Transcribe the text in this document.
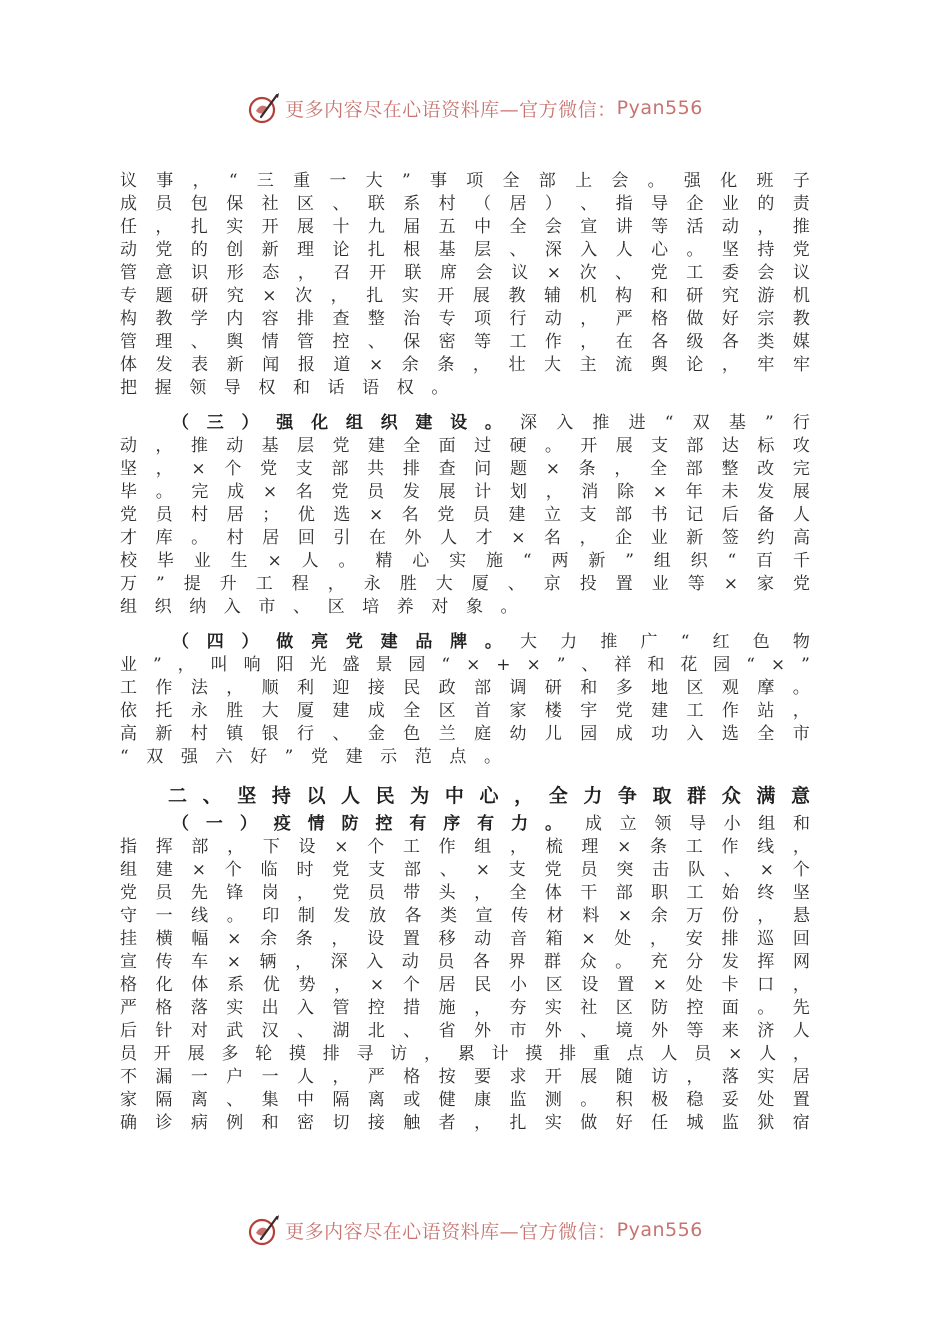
更多内容尽在心语资料库—官方微信： Pyan556
议 事 ， “ 三 重 一 大 ” 事 项 全 部 上 会 。 强 化 班 子
成 员 包 保 社 区 、 联 系 村 （ 居 ） 、 指 导 企 业 的 责
任 ， 扎 实 开 展 十 九 届 五 中 全 会 宣 讲 等 活 动 ， 推
动 党 的 创 新 理 论 扎 根 基 层 、 深 入 人 心 。 坚 持 党
管 意 识 形 态 ， 召 开 联 席 会 议 × 次 、 党 工 委 会 议
专 题 研 究 × 次 ， 扎 实 开 展 教 辅 机 构 和 研 究 游 机
构 教 学 内 容 排 查 整 治 专 项 行 动 ， 严 格 做 好 宗 教
管 理 、 舆 情 管 控 、 保 密 等 工 作 ， 在 各 级 各 类 媒
体 发 表 新 闻 报 道 × 余 条 ， 壮 大 主 流 舆 论 ， 牢 牢
把 握 领 导 权 和 话 语 权 。
（ 三 ） 强 化 组 织 建 设 。 深 入 推 进 “ 双 基 ” 行
动 ， 推 动 基 层 党 建 全 面 过 硬 。 开 展 支 部 达 标 攻
坚 ， × 个 党 支 部 共 排 查 问 题 × 条 ， 全 部 整 改 完
毕 。 完 成 × 名 党 员 发 展 计 划 ， 消 除 × 年 未 发 展
党 员 村 居 ； 优 选 × 名 党 员 建 立 支 部 书 记 后 备 人
才 库 。 村 居 回 引 在 外 人 才 × 名 ， 企 业 新 签 约 高
校 毕 业 生 × 人 。 精 心 实 施 “ 两 新 ” 组 织 “ 百 千
万 ” 提 升 工 程 ， 永 胜 大 厦 、 京 投 置 业 等 × 家 党
组 织 纳 入 市 、 区 培 养 对 象 。
（ 四 ） 做 亮 党 建 品 牌 。 大 力 推 广 “ 红 色 物
业 ” ， 叫 响 阳 光 盛 景 园 “ × + × ” 、 祥 和 花 园 “ × ”
工 作 法 ， 顺 利 迎 接 民 政 部 调 研 和 多 地 区 观 摩 。
依 托 永 胜 大 厦 建 成 全 区 首 家 楼 宇 党 建 工 作 站 ，
高 新 村 镇 银 行 、 金 色 兰 庭 幼 儿 园 成 功 入 选 全 市
“ 双 强 六 好 ” 党 建 示 范 点 。
二 、 坚 持 以 人 民 为 中 心 ， 全 力 争 取 群 众 满 意
（ 一 ） 疫 情 防 控 有 序 有 力 。 成 立 领 导 小 组 和
指 挥 部 ， 下 设 × 个 工 作 组 ， 梳 理 × 条 工 作 线 ，
组 建 × 个 临 时 党 支 部 、 × 支 党 员 突 击 队 、 × 个
党 员 先 锋 岗 ， 党 员 带 头 ， 全 体 干 部 职 工 始 终 坚
守 一 线 。 印 制 发 放 各 类 宣 传 材 料 × 余 万 份 ， 悬
挂 横 幅 × 余 条 ， 设 置 移 动 音 箱 × 处 ， 安 排 巡 回
宣 传 车 × 辆 ， 深 入 动 员 各 界 群 众 。 充 分 发 挥 网
格 化 体 系 优 势 ， × 个 居 民 小 区 设 置 × 处 卡 口 ，
严 格 落 实 出 入 管 控 措 施 ， 夯 实 社 区 防 控 面 。 先
后 针 对 武 汉 、 湖 北 、 省 外 市 外 、 境 外 等 来 济 人
员 开 展 多 轮 摸 排 寻 访 ， 累 计 摸 排 重 点 人 员 × 人 ，
不 漏 一 户 一 人 ， 严 格 按 要 求 开 展 随 访 ， 落 实 居
家 隔 离 、 集 中 隔 离 或 健 康 监 测 。 积 极 稳 妥 处 置
确 诊 病 例 和 密 切 接 触 者 ， 扎 实 做 好 任 城 监 狱 宿
更多内容尽在心语资料库—官方微信： Pyan556
